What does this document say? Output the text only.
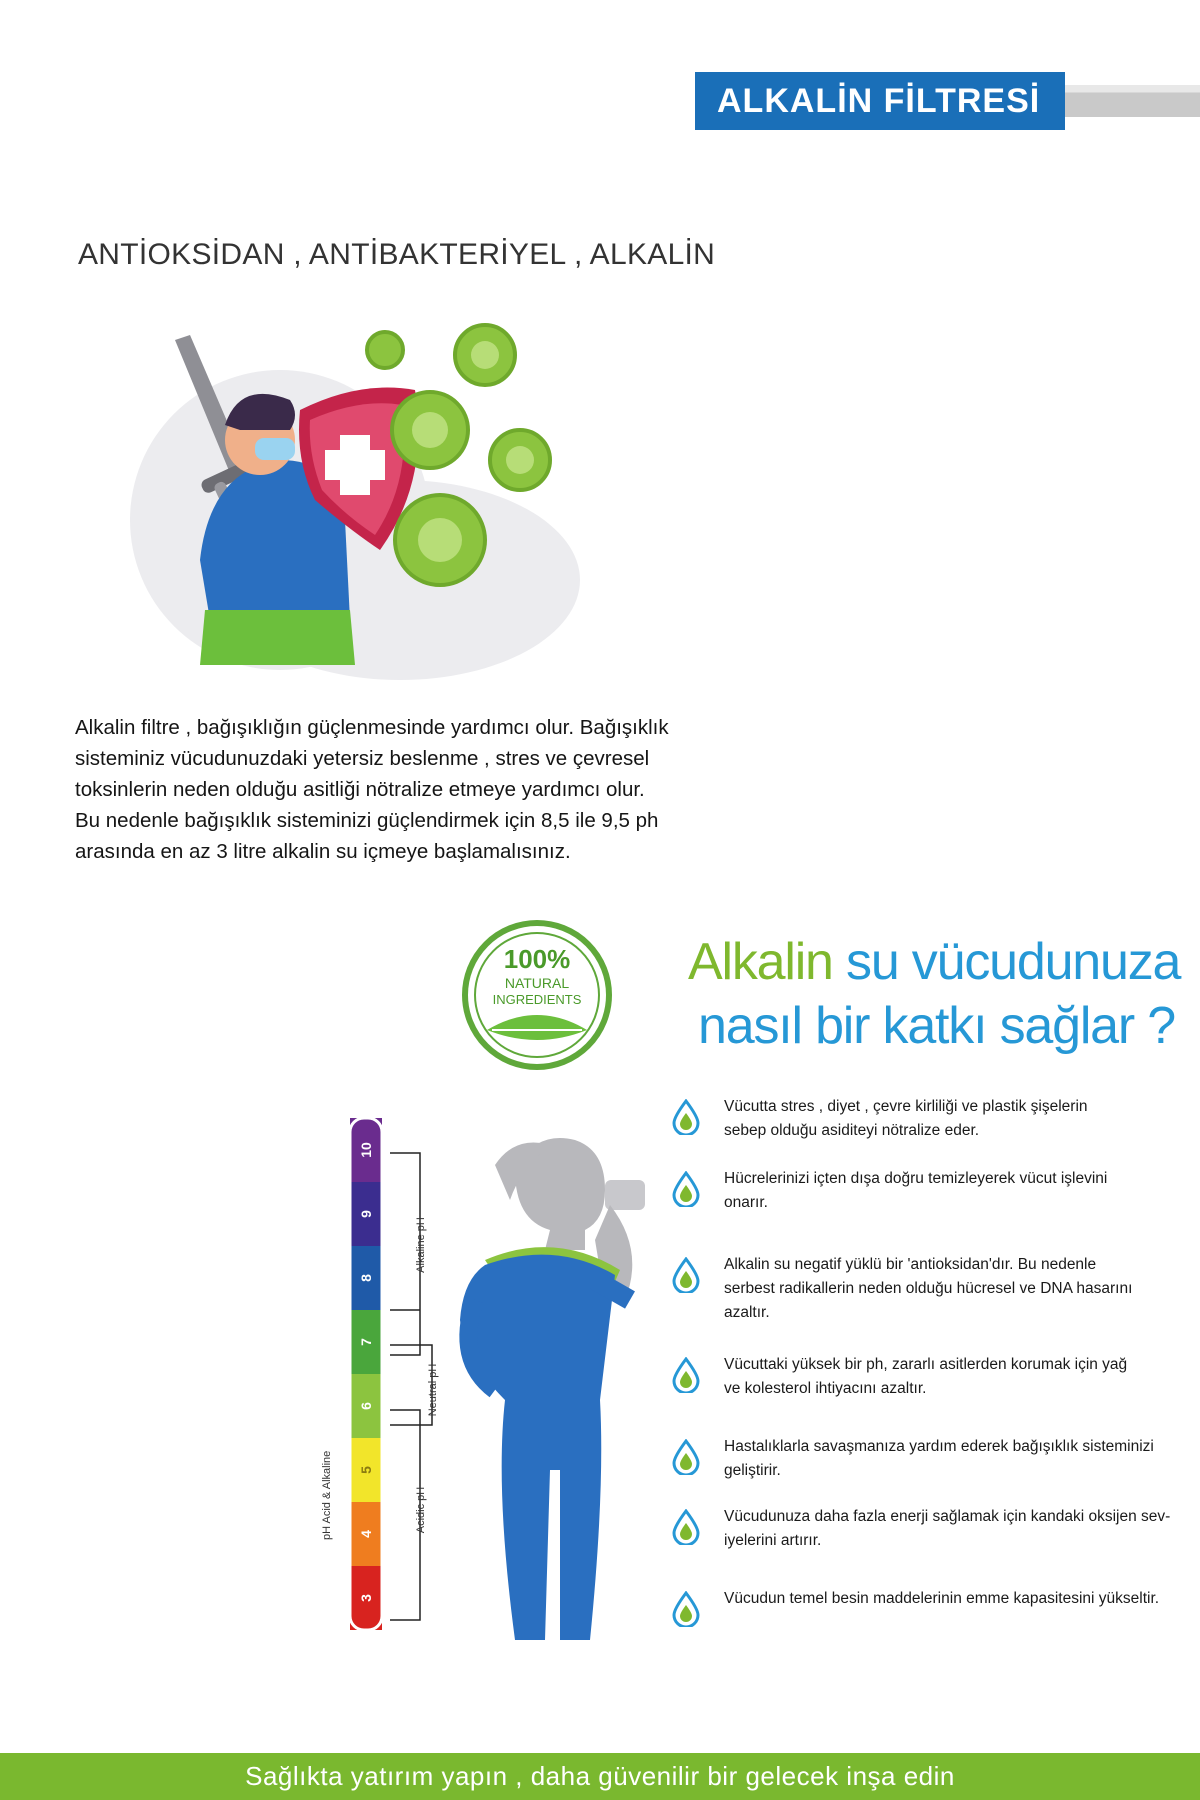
ALKALİN FİLTRESİ
ANTİOKSİDAN , ANTİBAKTERİYEL , ALKALİN
Alkalin filtre , bağışıklığın güçlenmesinde yardımcı olur. Bağışıklık
sisteminiz vücudunuzdaki yetersiz beslenme , stres ve çevresel
toksinlerin neden olduğu asitliği nötralize etmeye yardımcı olur.
Bu nedenle bağışıklık sisteminizi güçlendirmek için 8,5 ile 9,5 ph
arasında en az 3 litre alkalin su içmeye başlamalısınız.
100%
NATURAL
INGREDIENTS
Alkalin su vücudunuza
nasıl bir katkı sağlar ?
10
9
8
7
6
5
4
3
pH Acid & Alkaline
Alkaline pH
Neutral pH
Acidic pH
Vücutta stres , diyet , çevre kirliliği ve plastik şişelerin
sebep olduğu asiditeyi nötralize eder.
Hücrelerinizi içten dışa doğru temizleyerek vücut işlevini
onarır.
Alkalin su negatif yüklü bir 'antioksidan'dır. Bu nedenle
serbest radikallerin neden olduğu hücresel ve DNA hasarını
azaltır.
Vücuttaki yüksek bir ph, zararlı asitlerden korumak için yağ
ve kolesterol ihtiyacını azaltır.
Hastalıklarla savaşmanıza yardım ederek bağışıklık sisteminizi
geliştirir.
Vücudunuza daha fazla enerji sağlamak için kandaki oksijen sev-
iyelerini artırır.
Vücudun temel besin maddelerinin emme kapasitesini yükseltir.
Sağlıkta yatırım yapın , daha güvenilir bir gelecek inşa edin
